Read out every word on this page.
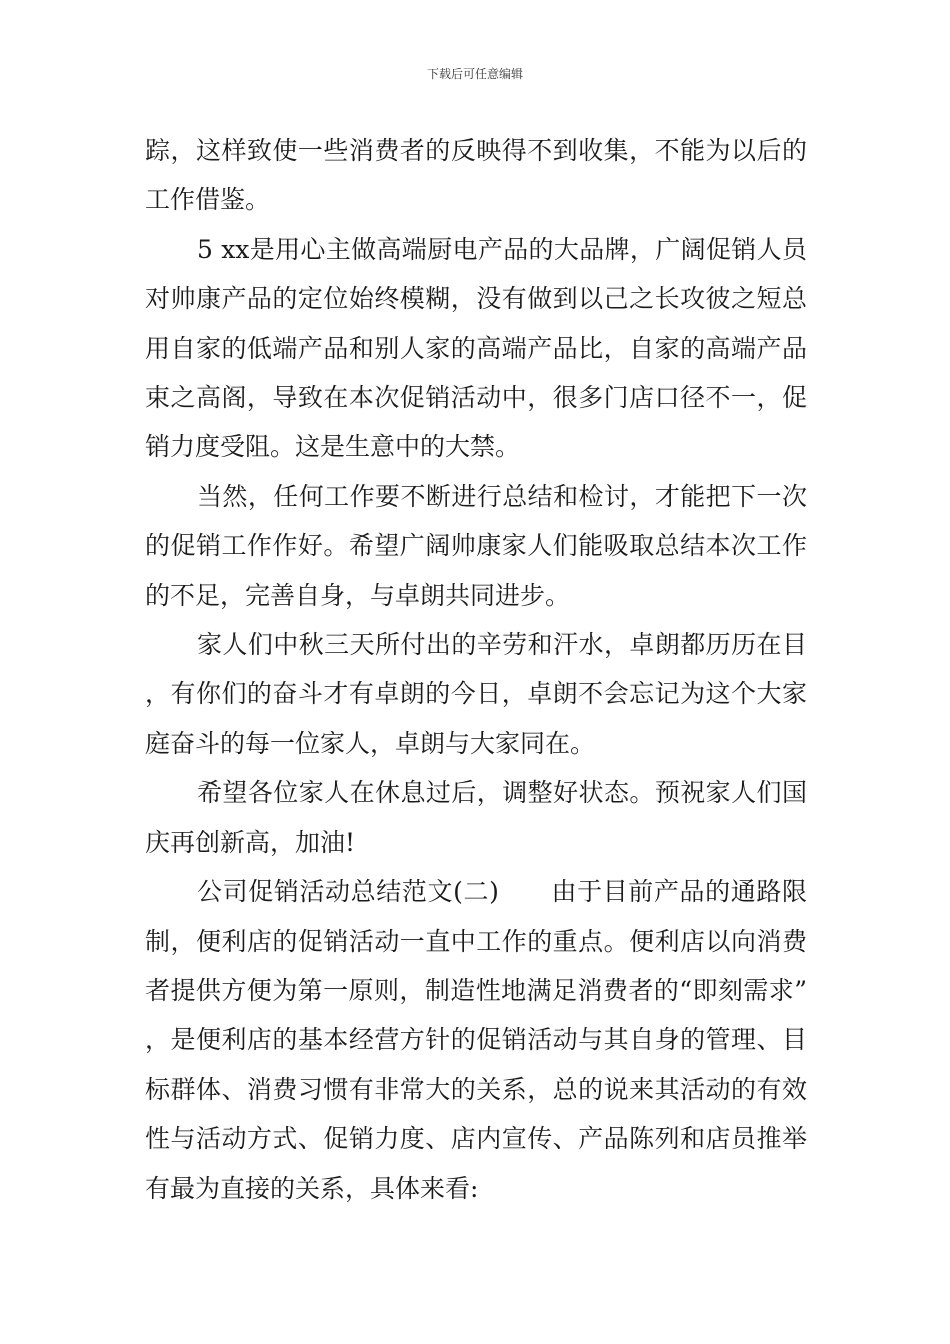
下载后可任意编辑

踪，这样致使一些消费者的反映得不到收集，不能为以后的工作借鉴。

5 xx是用心主做高端厨电产品的大品牌，广阔促销人员对帅康产品的定位始终模糊，没有做到以己之长攻彼之短总用自家的低端产品和别人家的高端产品比，自家的高端产品束之高阁，导致在本次促销活动中，很多门店口径不一，促销力度受阻。这是生意中的大禁。

当然，任何工作要不断进行总结和检讨，才能把下一次的促销工作作好。希望广阔帅康家人们能吸取总结本次工作的不足，完善自身，与卓朗共同进步。

家人们中秋三天所付出的辛劳和汗水，卓朗都历历在目，有你们的奋斗才有卓朗的今日，卓朗不会忘记为这个大家庭奋斗的每一位家人，卓朗与大家同在。

希望各位家人在休息过后，调整好状态。预祝家人们国庆再创新高，加油!

公司促销活动总结范文(二) 由于目前产品的通路限制，便利店的促销活动一直中工作的重点。便利店以向消费者提供方便为第一原则，制造性地满足消费者的“即刻需求”，是便利店的基本经营方针的促销活动与其自身的管理、目标群体、消费习惯有非常大的关系，总的说来其活动的有效性与活动方式、促销力度、店内宣传、产品陈列和店员推举有最为直接的关系，具体来看:
